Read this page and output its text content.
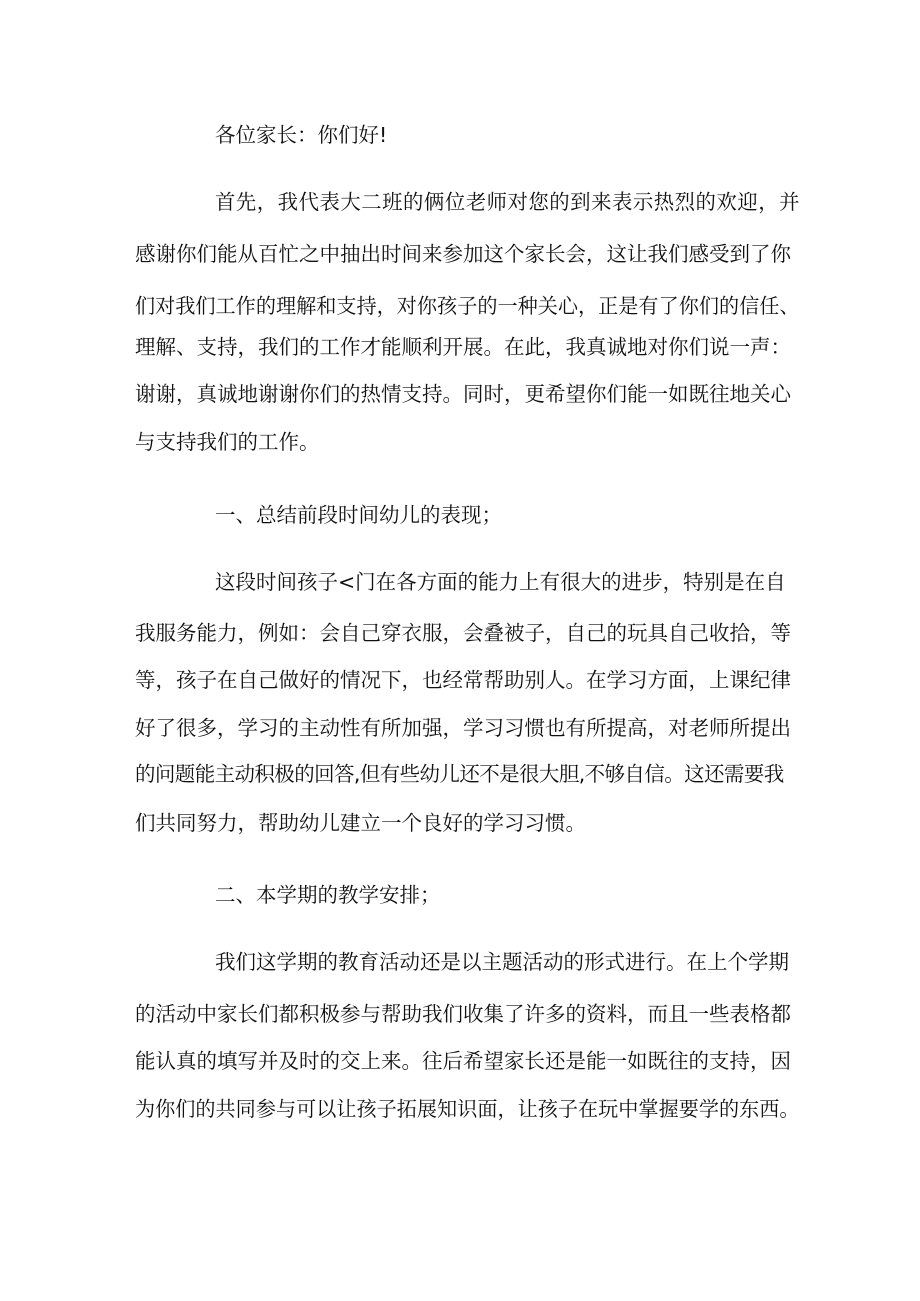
各位家长：你们好!

首先，我代表大二班的俩位老师对您的到来表示热烈的欢迎，并

感谢你们能从百忙之中抽出时间来参加这个家长会，这让我们感受到了你

们对我们工作的理解和支持，对你孩子的一种关心，正是有了你们的信任、

理解、支持，我们的工作才能顺利开展。在此，我真诚地对你们说一声：

谢谢，真诚地谢谢你们的热情支持。同时，更希望你们能一如既往地关心

与支持我们的工作。

一、总结前段时间幼儿的表现；

这段时间孩子<门在各方面的能力上有很大的进步，特别是在自

我服务能力，例如：会自己穿衣服，会叠被子，自己的玩具自己收拾，等

等，孩子在自己做好的情况下，也经常帮助别人。在学习方面，上课纪律

好了很多，学习的主动性有所加强，学习习惯也有所提高，对老师所提出

的问题能主动积极的回答,但有些幼儿还不是很大胆,不够自信。这还需要我

们共同努力，帮助幼儿建立一个良好的学习习惯。

二、本学期的教学安排；

我们这学期的教育活动还是以主题活动的形式进行。在上个学期

的活动中家长们都积极参与帮助我们收集了许多的资料，而且一些表格都

能认真的填写并及时的交上来。往后希望家长还是能一如既往的支持，因

为你们的共同参与可以让孩子拓展知识面，让孩子在玩中掌握要学的东西。
